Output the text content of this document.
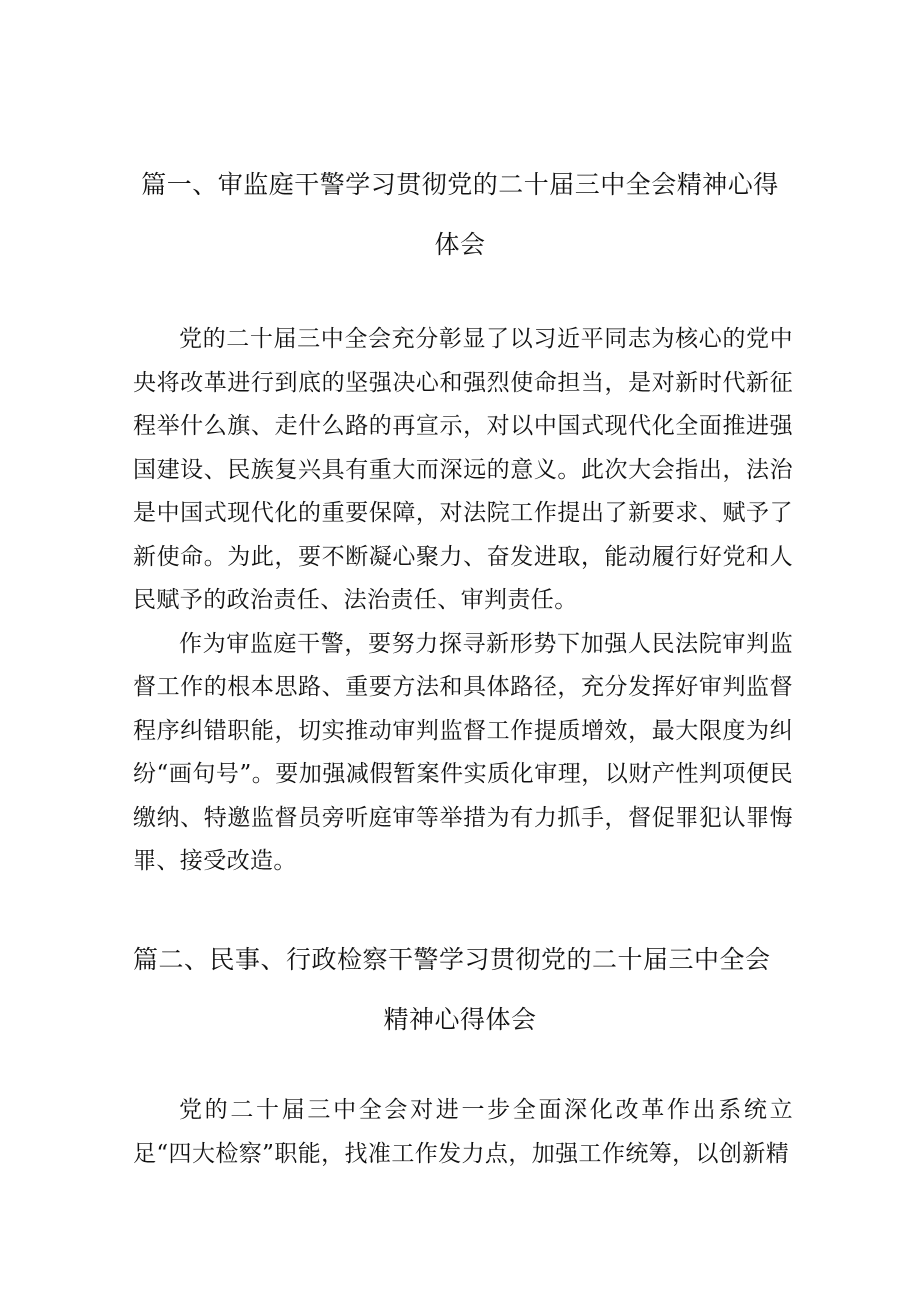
篇一、审监庭干警学习贯彻党的二十届三中全会精神心得
体会

党的二十届三中全会充分彰显了以习近平同志为核心的党中央将改革进行到底的坚强决心和强烈使命担当，是对新时代新征程举什么旗、走什么路的再宣示，对以中国式现代化全面推进强国建设、民族复兴具有重大而深远的意义。此次大会指出，法治是中国式现代化的重要保障，对法院工作提出了新要求、赋予了新使命。为此，要不断凝心聚力、奋发进取，能动履行好党和人民赋予的政治责任、法治责任、审判责任。

作为审监庭干警，要努力探寻新形势下加强人民法院审判监督工作的根本思路、重要方法和具体路径，充分发挥好审判监督程序纠错职能，切实推动审判监督工作提质增效，最大限度为纠纷“画句号”。要加强减假暂案件实质化审理，以财产性判项便民缴纳、特邀监督员旁听庭审等举措为有力抓手，督促罪犯认罪悔罪、接受改造。

篇二、民事、行政检察干警学习贯彻党的二十届三中全会
精神心得体会

党的二十届三中全会对进一步全面深化改革作出系统立足“四大检察”职能，找准工作发力点，加强工作统筹，以创新精
